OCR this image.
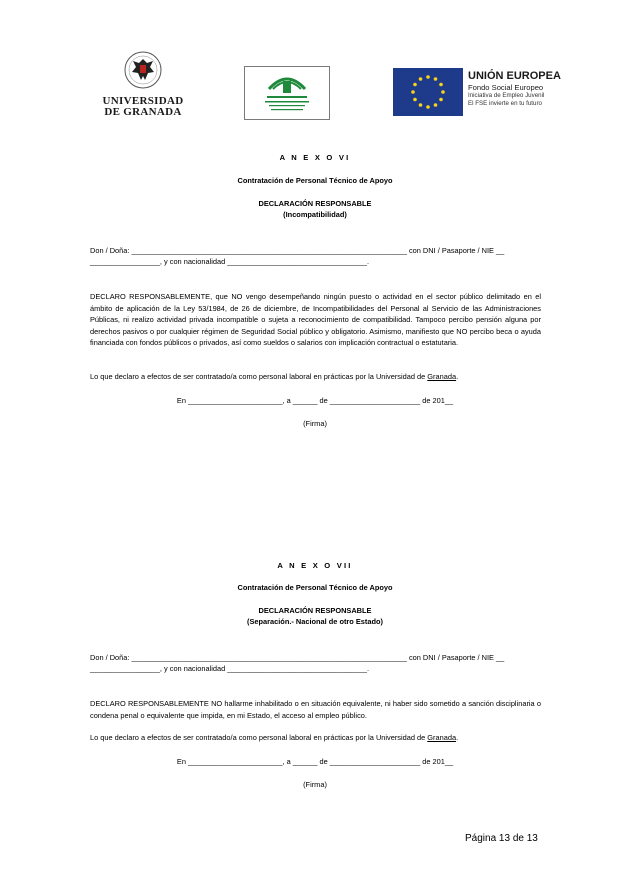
UNIVERSIDAD
DE GRANADA
UNIÓN EUROPEA
Fondo Social Europeo
Iniciativa de Empleo Juvenil
El FSE invierte en tu futuro
A N E X O VI
Contratación de Personal Técnico de Apoyo
DECLARACIÓN RESPONSABLE
(Incompatibilidad)
Don / Doña: ___________________________________________________________________ con DNI / Pasaporte / NIE __
_________________, y con nacionalidad __________________________________.
DECLARO RESPONSABLEMENTE, que NO vengo desempeñando ningún puesto o actividad en el sector público delimitado en el ámbito de aplicación de la Ley 53/1984, de 26 de diciembre, de Incompatibilidades del Personal al Servicio de las Administraciones Públicas, ni realizo actividad privada incompatible o sujeta a reconocimiento de compatibilidad. Tampoco percibo pensión alguna por derechos pasivos o por cualquier régimen de Seguridad Social público y obligatorio. Asimismo, manifiesto que NO percibo beca o ayuda financiada con fondos públicos o privados, así como sueldos o salarios con implicación contractual o estatutaria.
Lo que declaro a efectos de ser contratado/a como personal laboral en prácticas por la Universidad de Granada.
En _______________________, a ______ de ______________________ de 201__
(Firma)
A N E X O VII
Contratación de Personal Técnico de Apoyo
DECLARACIÓN RESPONSABLE
(Separación.- Nacional de otro Estado)
Don / Doña: ___________________________________________________________________ con DNI / Pasaporte / NIE __
_________________, y con nacionalidad __________________________________.
DECLARO RESPONSABLEMENTE NO hallarme inhabilitado o en situación equivalente, ni haber sido sometido a sanción disciplinaria o condena penal o equivalente que impida, en mi Estado, el acceso al empleo público.
Lo que declaro a efectos de ser contratado/a como personal laboral en prácticas por la Universidad de Granada.
En _______________________, a ______ de ______________________ de 201__
(Firma)
Página 13 de 13
